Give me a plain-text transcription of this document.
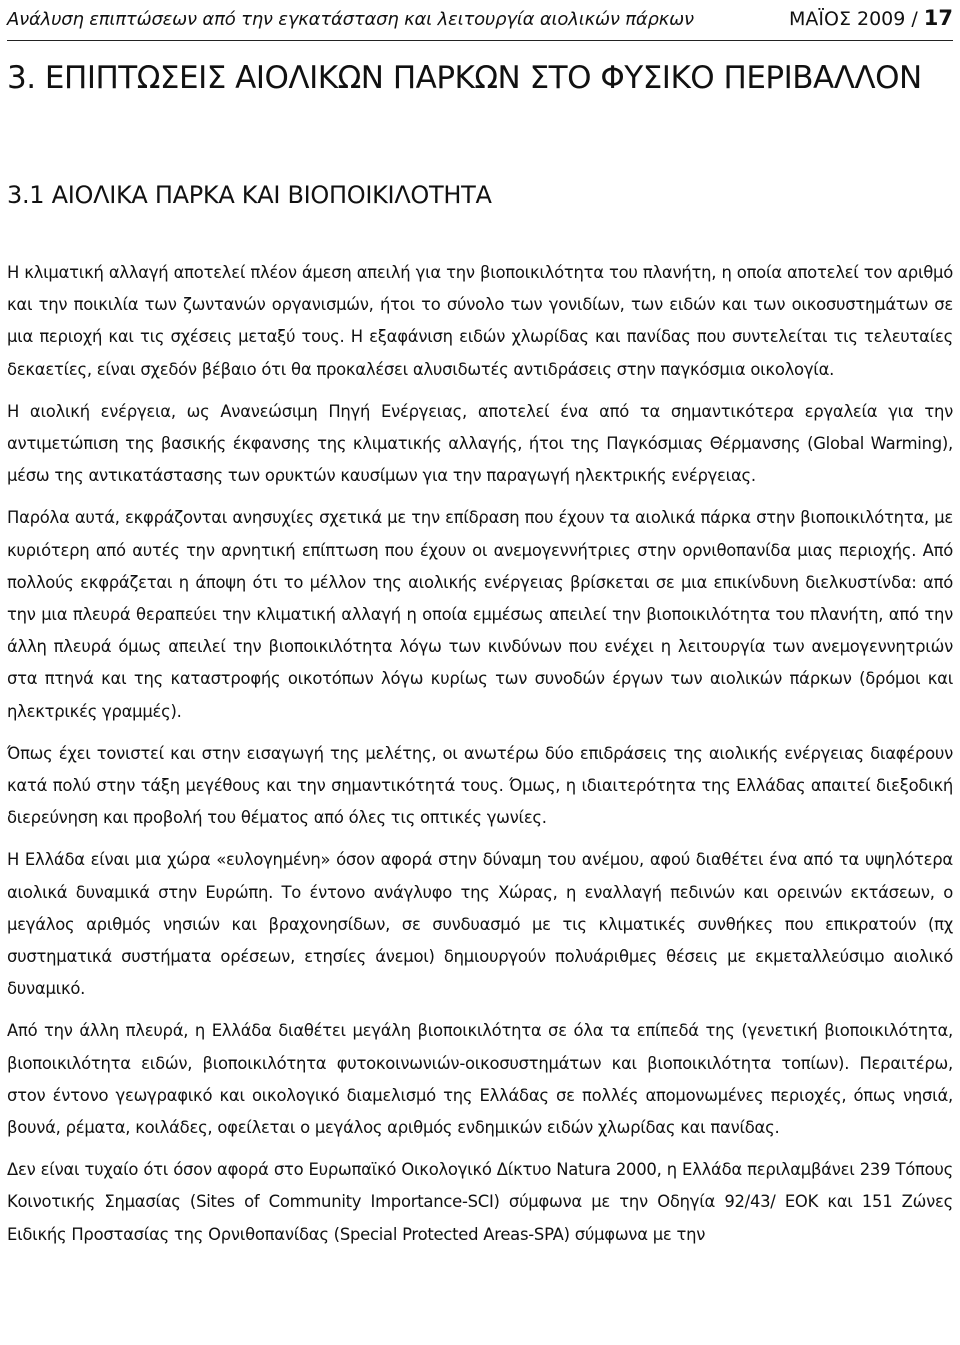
Ανάλυση επιπτώσεων από την εγκατάσταση και λειτουργία αιολικών πάρκων	ΜΑΪΟΣ 2009 / 17
3. ΕΠΙΠΤΩΣΕΙΣ ΑΙΟΛΙΚΩΝ ΠΑΡΚΩΝ ΣΤΟ ΦΥΣΙΚΟ ΠΕΡΙΒΑΛΛΟΝ
3.1 ΑΙΟΛΙΚΑ ΠΑΡΚΑ ΚΑΙ ΒΙΟΠΟΙΚΙΛΟΤΗΤΑ

Η κλιματική αλλαγή αποτελεί πλέον άμεση απειλή για την βιοποικιλότητα του πλανήτη, η οποία αποτελεί τον αριθμό και την ποικιλία των ζωντανών οργανισμών, ήτοι το σύνολο των γονιδίων, των ειδών και των οικοσυστημάτων σε μια περιοχή και τις σχέσεις μεταξύ τους. Η εξαφάνιση ειδών χλωρίδας και πανίδας που συντελείται τις τελευταίες δεκαετίες, είναι σχεδόν βέβαιο ότι θα προκαλέσει αλυσιδωτές αντιδράσεις στην παγκόσμια οικολογία.

Η αιολική ενέργεια, ως Ανανεώσιμη Πηγή Ενέργειας, αποτελεί ένα από τα σημαντικότερα εργαλεία για την αντιμετώπιση της βασικής έκφανσης της κλιματικής αλλαγής, ήτοι της Παγκόσμιας Θέρμανσης (Global Warming), μέσω της αντικατάστασης των ορυκτών καυσίμων για την παραγωγή ηλεκτρικής ενέργειας.

Παρόλα αυτά, εκφράζονται ανησυχίες σχετικά με την επίδραση που έχουν τα αιολικά πάρκα στην βιοποικιλότητα, με κυριότερη από αυτές την αρνητική επίπτωση που έχουν οι ανεμογεννήτριες στην ορνιθοπανίδα μιας περιοχής. Από πολλούς εκφράζεται η άποψη ότι το μέλλον της αιολικής ενέργειας βρίσκεται σε μια επικίνδυνη διελκυστίνδα: από την μια πλευρά θεραπεύει την κλιματική αλλαγή η οποία εμμέσως απειλεί την βιοποικιλότητα του πλανήτη, από την άλλη πλευρά όμως απειλεί την βιοποικιλότητα λόγω των κινδύνων που ενέχει η λειτουργία των ανεμογεννητριών στα πτηνά και της καταστροφής οικοτόπων λόγω κυρίως των συνοδών έργων των αιολικών πάρκων (δρόμοι και ηλεκτρικές γραμμές).

Όπως έχει τονιστεί και στην εισαγωγή της μελέτης, οι ανωτέρω δύο επιδράσεις της αιολικής ενέργειας διαφέρουν κατά πολύ στην τάξη μεγέθους και την σημαντικότητά τους. Όμως, η ιδιαιτερότητα της Ελλάδας απαιτεί διεξοδική διερεύνηση και προβολή του θέματος από όλες τις οπτικές γωνίες.

Η Ελλάδα είναι μια χώρα «ευλογημένη» όσον αφορά στην δύναμη του ανέμου, αφού διαθέτει ένα από τα υψηλότερα αιολικά δυναμικά στην Ευρώπη. Το έντονο ανάγλυφο της Χώρας, η εναλλαγή πεδινών και ορεινών εκτάσεων, ο μεγάλος αριθμός νησιών και βραχονησίδων, σε συνδυασμό με τις κλιματικές συνθήκες που επικρατούν (πχ συστηματικά συστήματα ορέσεων, ετησίες άνεμοι) δημιουργούν πολυάριθμες θέσεις με εκμεταλλεύσιμο αιολικό δυναμικό.

Από την άλλη πλευρά, η Ελλάδα διαθέτει μεγάλη βιοποικιλότητα σε όλα τα επίπεδά της (γενετική βιοποικιλότητα, βιοποικιλότητα ειδών, βιοποικιλότητα φυτοκοινωνιών-οικοσυστημάτων και βιοποικιλότητα τοπίων). Περαιτέρω, στον έντονο γεωγραφικό και οικολογικό διαμελισμό της Ελλάδας σε πολλές απομονωμένες περιοχές, όπως νησιά, βουνά, ρέματα, κοιλάδες, οφείλεται ο μεγάλος αριθμός ενδημικών ειδών χλωρίδας και πανίδας.

Δεν είναι τυχαίο ότι όσον αφορά στο Ευρωπαϊκό Οικολογικό Δίκτυο Natura 2000, η Ελλάδα περιλαμβάνει 239 Τόπους Κοινοτικής Σημασίας (Sites of Community Importance-SCI) σύμφωνα με την Οδηγία 92/43/ ΕΟΚ και 151 Ζώνες Ειδικής Προστασίας της Ορνιθοπανίδας (Special Protected Areas-SPA) σύμφωνα με την
